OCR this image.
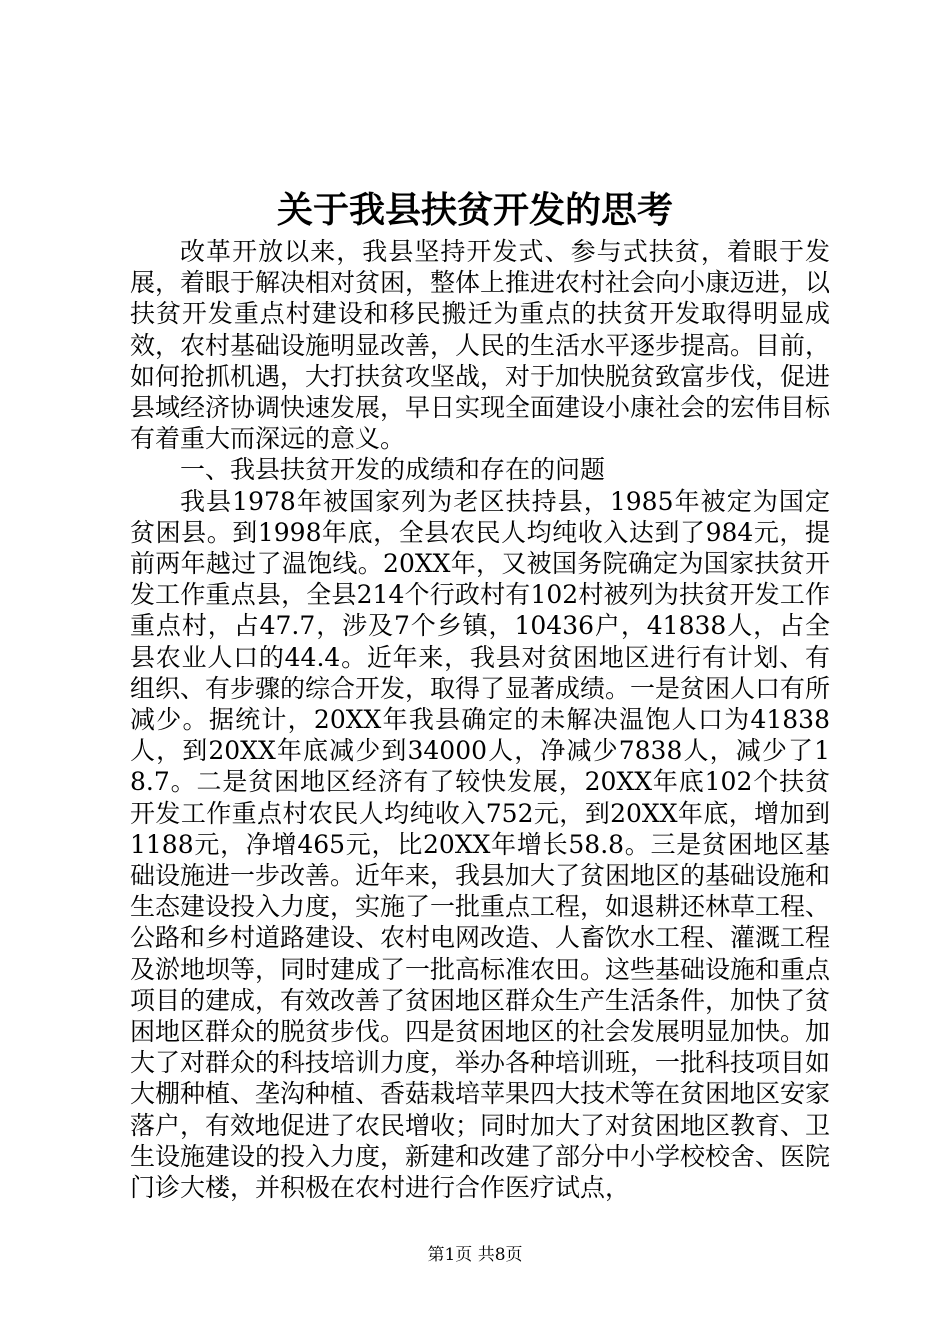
关于我县扶贫开发的思考

改革开放以来，我县坚持开发式、参与式扶贫，着眼于发展，着眼于解决相对贫困，整体上推进农村社会向小康迈进，以扶贫开发重点村建设和移民搬迁为重点的扶贫开发取得明显成效，农村基础设施明显改善，人民的生活水平逐步提高。目前，如何抢抓机遇，大打扶贫攻坚战，对于加快脱贫致富步伐，促进县域经济协调快速发展，早日实现全面建设小康社会的宏伟目标有着重大而深远的意义。

一、我县扶贫开发的成绩和存在的问题

我县1978年被国家列为老区扶持县，1985年被定为国定贫困县。到1998年底，全县农民人均纯收入达到了984元，提前两年越过了温饱线。20XX年，又被国务院确定为国家扶贫开发工作重点县，全县214个行政村有102村被列为扶贫开发工作重点村，占47.7，涉及7个乡镇，10436户，41838人，占全县农业人口的44.4。近年来，我县对贫困地区进行有计划、有组织、有步骤的综合开发，取得了显著成绩。一是贫困人口有所减少。据统计，20XX年我县确定的未解决温饱人口为41838人，到20XX年底减少到34000人，净减少7838人，减少了18.7。二是贫困地区经济有了较快发展，20XX年底102个扶贫开发工作重点村农民人均纯收入752元，到20XX年底，增加到1188元，净增465元，比20XX年增长58.8。三是贫困地区基础设施进一步改善。近年来，我县加大了贫困地区的基础设施和生态建设投入力度，实施了一批重点工程，如退耕还林草工程、公路和乡村道路建设、农村电网改造、人畜饮水工程、灌溉工程及淤地坝等，同时建成了一批高标准农田。这些基础设施和重点项目的建成，有效改善了贫困地区群众生产生活条件，加快了贫困地区群众的脱贫步伐。四是贫困地区的社会发展明显加快。加大了对群众的科技培训力度，举办各种培训班，一批科技项目如大棚种植、垄沟种植、香菇栽培苹果四大技术等在贫困地区安家落户，有效地促进了农民增收；同时加大了对贫困地区教育、卫生设施建设的投入力度，新建和改建了部分中小学校校舍、医院门诊大楼，并积极在农村进行合作医疗试点，

第1页 共8页
